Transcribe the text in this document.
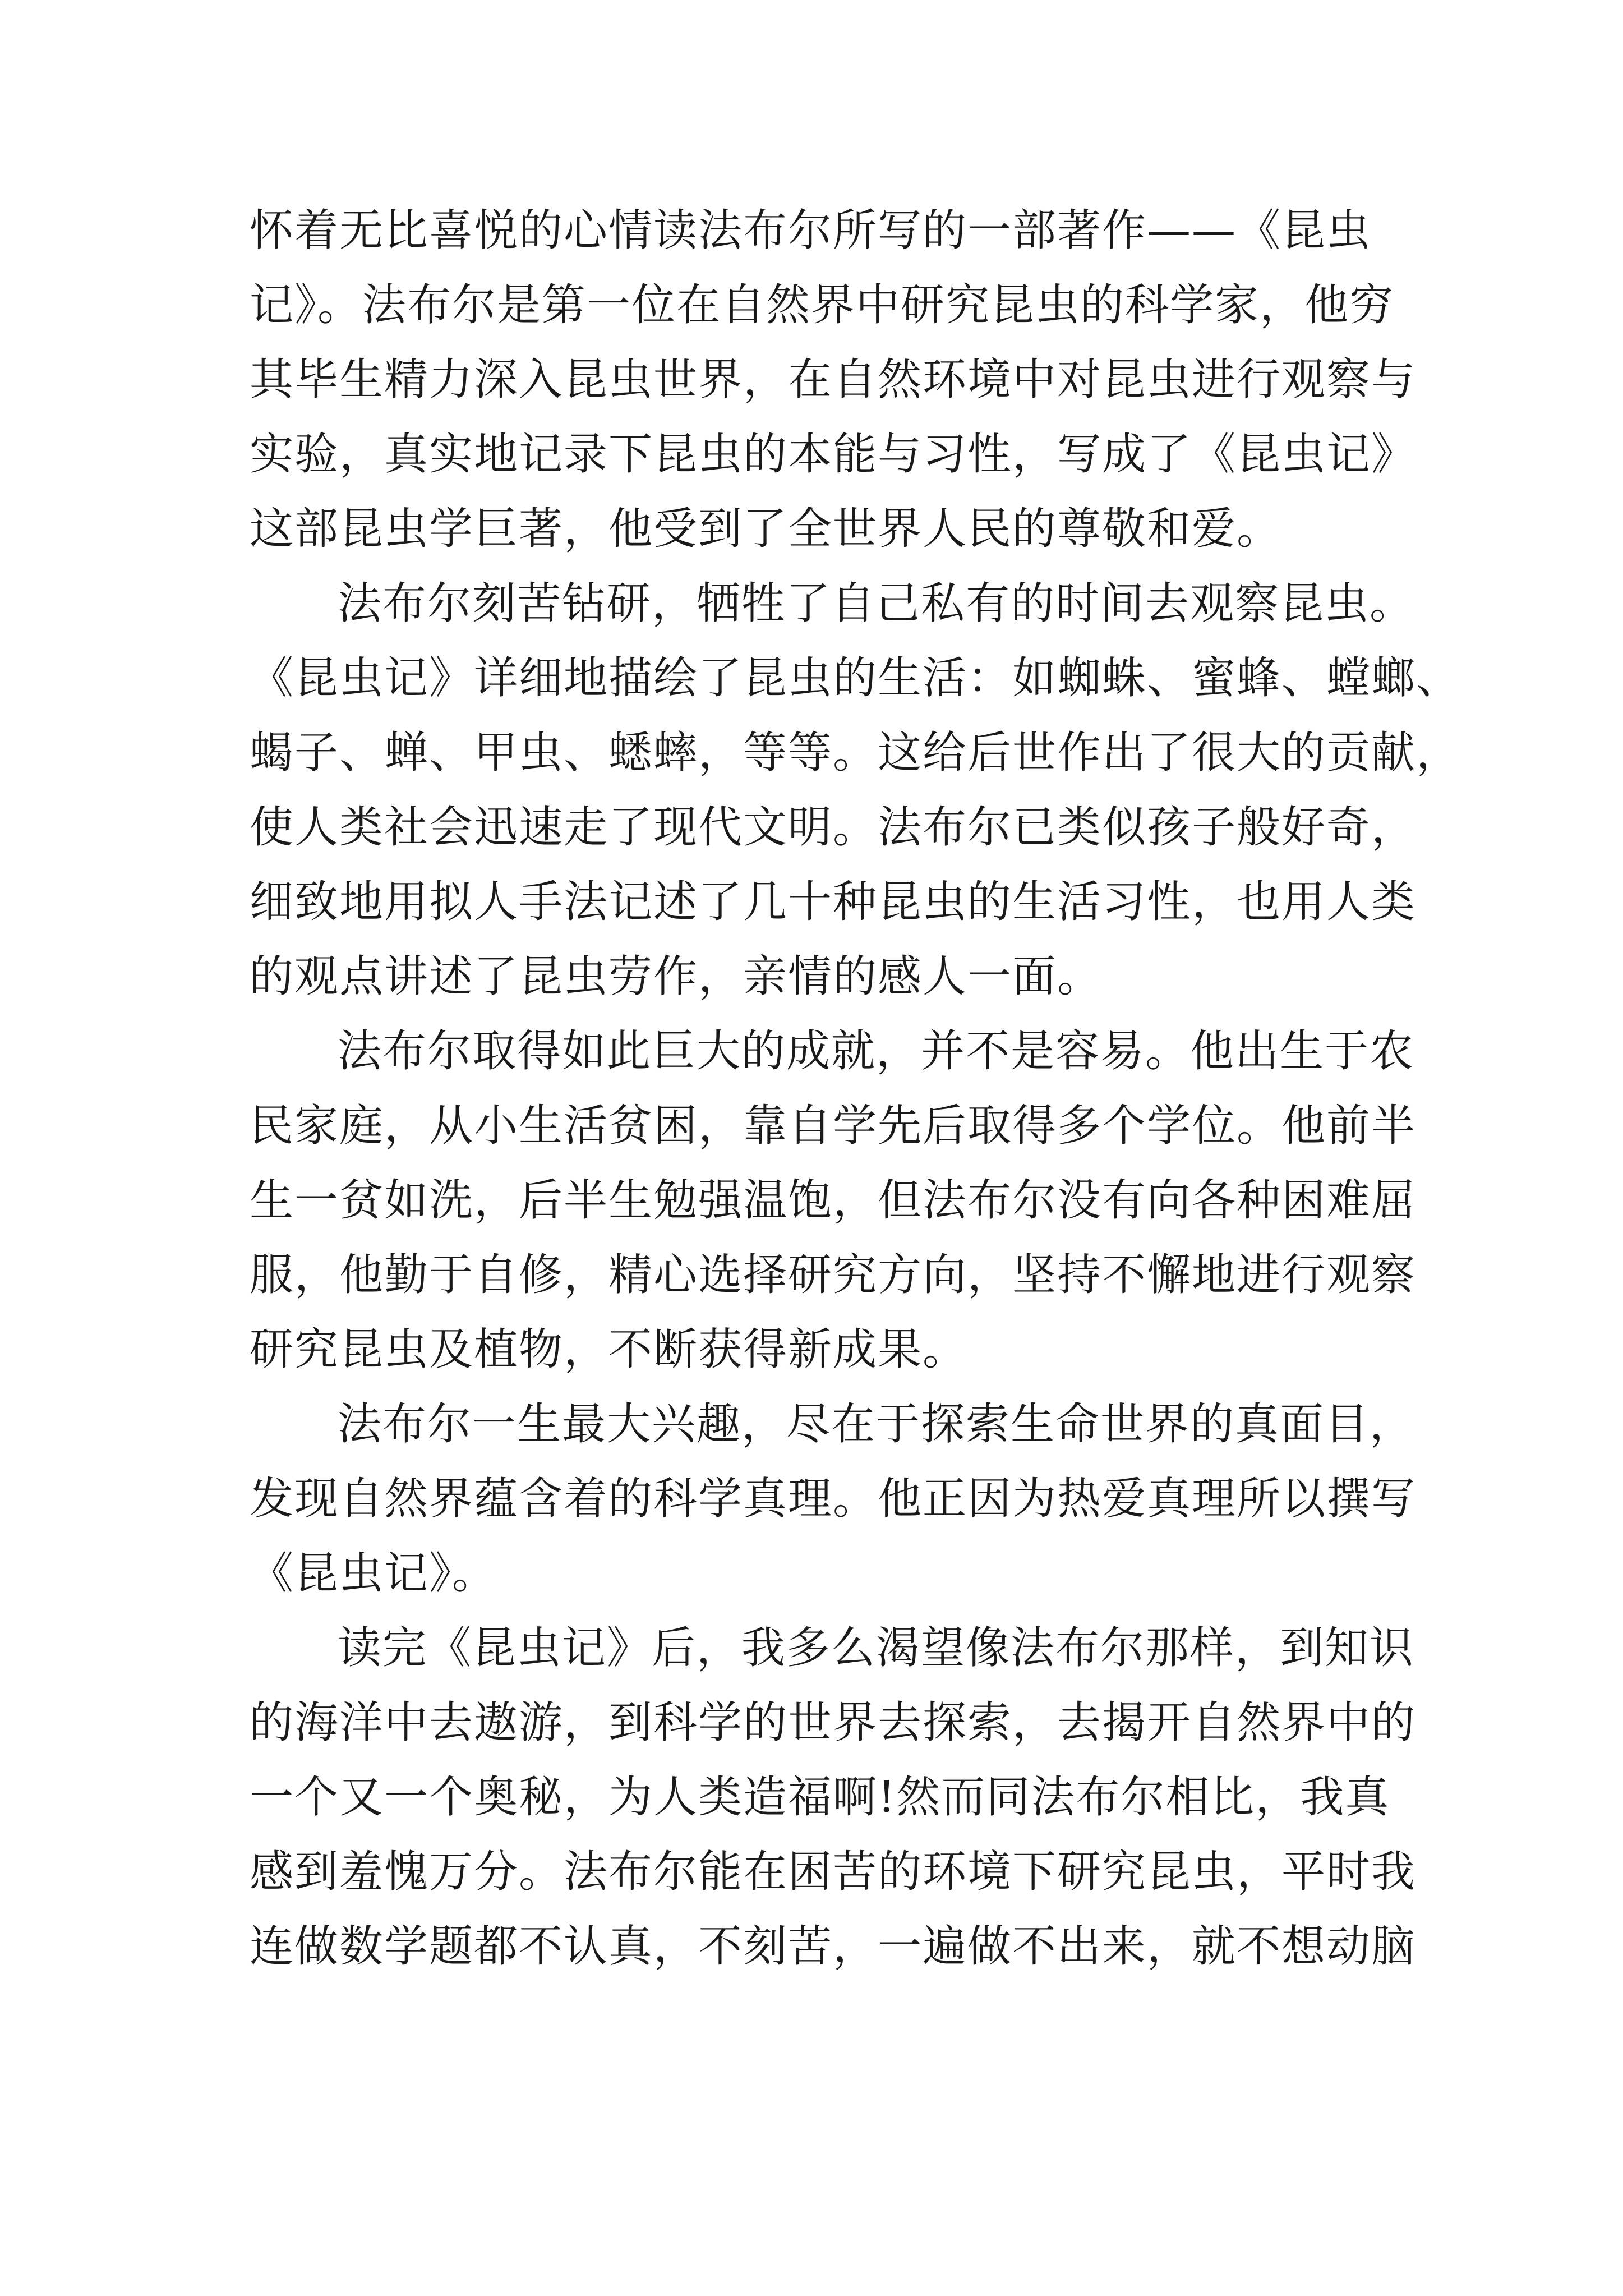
怀着无比喜悦的心情读法布尔所写的一部著作——《昆虫
记》。法布尔是第一位在自然界中研究昆虫的科学家，他穷
其毕生精力深入昆虫世界，在自然环境中对昆虫进行观察与
实验，真实地记录下昆虫的本能与习性，写成了《昆虫记》
这部昆虫学巨著，他受到了全世界人民的尊敬和爱。
法布尔刻苦钻研，牺牲了自己私有的时间去观察昆虫。
《昆虫记》详细地描绘了昆虫的生活：如蜘蛛、蜜蜂、螳螂、
蝎子、蝉、甲虫、蟋蟀，等等。这给后世作出了很大的贡献，
使人类社会迅速走了现代文明。法布尔已类似孩子般好奇，
细致地用拟人手法记述了几十种昆虫的生活习性，也用人类
的观点讲述了昆虫劳作，亲情的感人一面。
法布尔取得如此巨大的成就，并不是容易。他出生于农
民家庭，从小生活贫困，靠自学先后取得多个学位。他前半
生一贫如洗，后半生勉强温饱，但法布尔没有向各种困难屈
服，他勤于自修，精心选择研究方向，坚持不懈地进行观察
研究昆虫及植物，不断获得新成果。
法布尔一生最大兴趣，尽在于探索生命世界的真面目，
发现自然界蕴含着的科学真理。他正因为热爱真理所以撰写
《昆虫记》。
读完《昆虫记》后，我多么渴望像法布尔那样，到知识
的海洋中去遨游，到科学的世界去探索，去揭开自然界中的
一个又一个奥秘，为人类造福啊!然而同法布尔相比，我真
感到羞愧万分。法布尔能在困苦的环境下研究昆虫，平时我
连做数学题都不认真，不刻苦，一遍做不出来，就不想动脑
